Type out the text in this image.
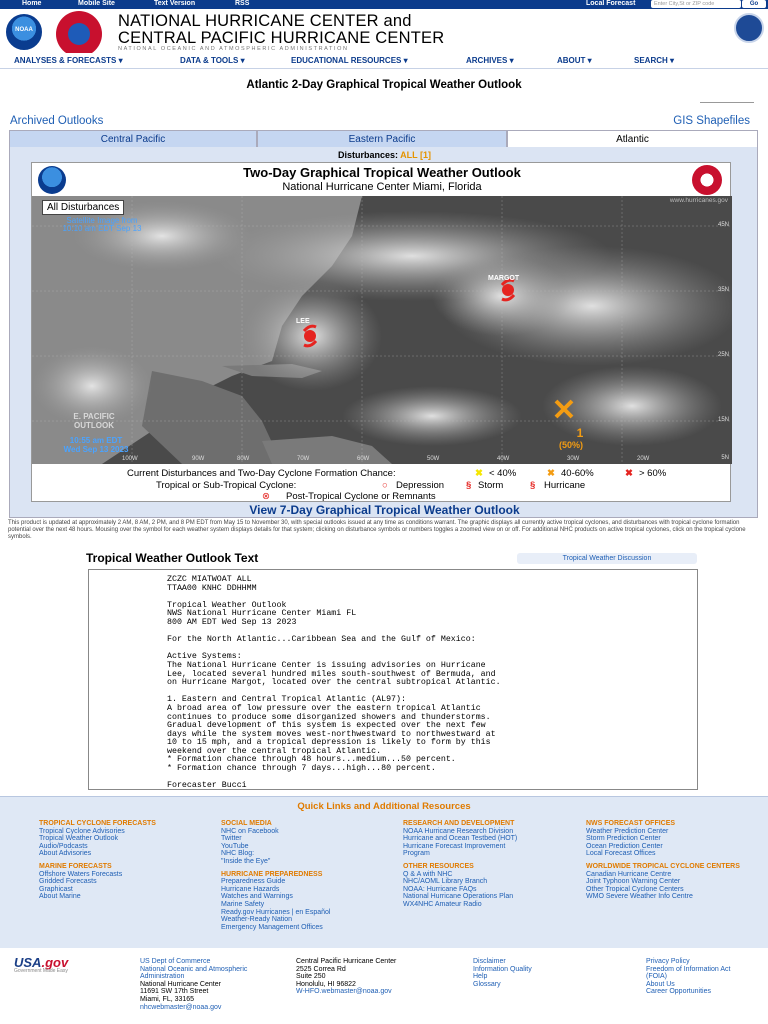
Home	Mobile Site	Text Version	RSS	Local Forecast	Enter City,St or ZIP code	Go
NOAA	NATIONAL HURRICANE CENTER and
CENTRAL PACIFIC HURRICANE CENTER
NATIONAL OCEANIC AND ATMOSPHERIC ADMINISTRATION
ANALYSES & FORECASTS ▾	DATA & TOOLS ▾	EDUCATIONAL RESOURCES ▾	ARCHIVES ▾	ABOUT ▾	SEARCH ▾
Atlantic 2-Day Graphical Tropical Weather Outlook
Archived Outlooks	GIS Shapefiles
Central Pacific	Eastern Pacific	Atlantic
Disturbances: ALL [1]
Two-Day Graphical Tropical Weather Outlook
National Hurricane Center Miami, Florida
All Disturbances
Satellite Image from
10:10 am EDT Sep 13
www.hurricanes.gov
LEE
MARGOT
1
(50%)
E. PACIFIC
OUTLOOK
10:55 am EDT
Wed Sep 13 2023
45N
35N
25N
15N
5N
100W	90W	80W	70W	60W	50W	40W	30W	20W
Current Disturbances and Two-Day Cyclone Formation Chance:	✖ < 40%	✖ 40-60%	✖ > 60%
Tropical or Sub-Tropical Cyclone:	○ Depression § Storm	§ Hurricane
⊗ Post-Tropical Cyclone or Remnants
View 7-Day Graphical Tropical Weather Outlook
This product is updated at approximately 2 AM, 8 AM, 2 PM, and 8 PM EDT from May 15 to November 30, with special outlooks issued at any time as conditions warrant. The graphic displays all currently active tropical cyclones, and disturbances with tropical cyclone formation potential over the next 48 hours. Mousing over the symbol for each weather system displays details for that system; clicking on disturbance symbols or numbers toggles a zoomed view on or off. For additional NHC products on active tropical cyclones, click on the tropical cyclone symbols.
Tropical Weather Outlook Text	Tropical Weather Discussion
ZCZC MIATWOAT ALL
TTAA00 KNHC DDHHMM

Tropical Weather Outlook
NWS National Hurricane Center Miami FL
800 AM EDT Wed Sep 13 2023

For the North Atlantic...Caribbean Sea and the Gulf of Mexico:

Active Systems:
The National Hurricane Center is issuing advisories on Hurricane
Lee, located several hundred miles south-southwest of Bermuda, and
on Hurricane Margot, located over the central subtropical Atlantic.

1. Eastern and Central Tropical Atlantic (AL97):
A broad area of low pressure over the eastern tropical Atlantic
continues to produce some disorganized showers and thunderstorms.
Gradual development of this system is expected over the next few
days while the system moves west-northwestward to northwestward at
10 to 15 mph, and a tropical depression is likely to form by this
weekend over the central tropical Atlantic.
* Formation chance through 48 hours...medium...50 percent.
* Formation chance through 7 days...high...80 percent.

Forecaster Bucci
Quick Links and Additional Resources
TROPICAL CYCLONE FORECASTS
Tropical Cyclone Advisories
Tropical Weather Outlook
Audio/Podcasts
About Advisories
MARINE FORECASTS
Offshore Waters Forecasts
Gridded Forecasts
Graphicast
About Marine
SOCIAL MEDIA
NHC on Facebook
Twitter
YouTube
NHC Blog:
"Inside the Eye"
HURRICANE PREPAREDNESS
Preparedness Guide
Hurricane Hazards
Watches and Warnings
Marine Safety
Ready.gov Hurricanes | en Español
Weather-Ready Nation
Emergency Management Offices
RESEARCH AND DEVELOPMENT
NOAA Hurricane Research Division
Hurricane and Ocean Testbed (HOT)
Hurricane Forecast Improvement
Program
OTHER RESOURCES
Q & A with NHC
NHC/AOML Library Branch
NOAA: Hurricane FAQs
National Hurricane Operations Plan
WX4NHC Amateur Radio
NWS FORECAST OFFICES
Weather Prediction Center
Storm Prediction Center
Ocean Prediction Center
Local Forecast Offices
WORLDWIDE TROPICAL CYCLONE CENTERS
Canadian Hurricane Centre
Joint Typhoon Warning Center
Other Tropical Cyclone Centers
WMO Severe Weather Info Centre
USA.gov
Government Made Easy
US Dept of Commerce
National Oceanic and Atmospheric
Administration
National Hurricane Center
11691 SW 17th Street
Miami, FL, 33165
nhcwebmaster@noaa.gov
Central Pacific Hurricane Center
2525 Correa Rd
Suite 250
Honolulu, HI 96822
W-HFO.webmaster@noaa.gov
Disclaimer
Information Quality
Help
Glossary
Privacy Policy
Freedom of Information Act
(FOIA)
About Us
Career Opportunities
